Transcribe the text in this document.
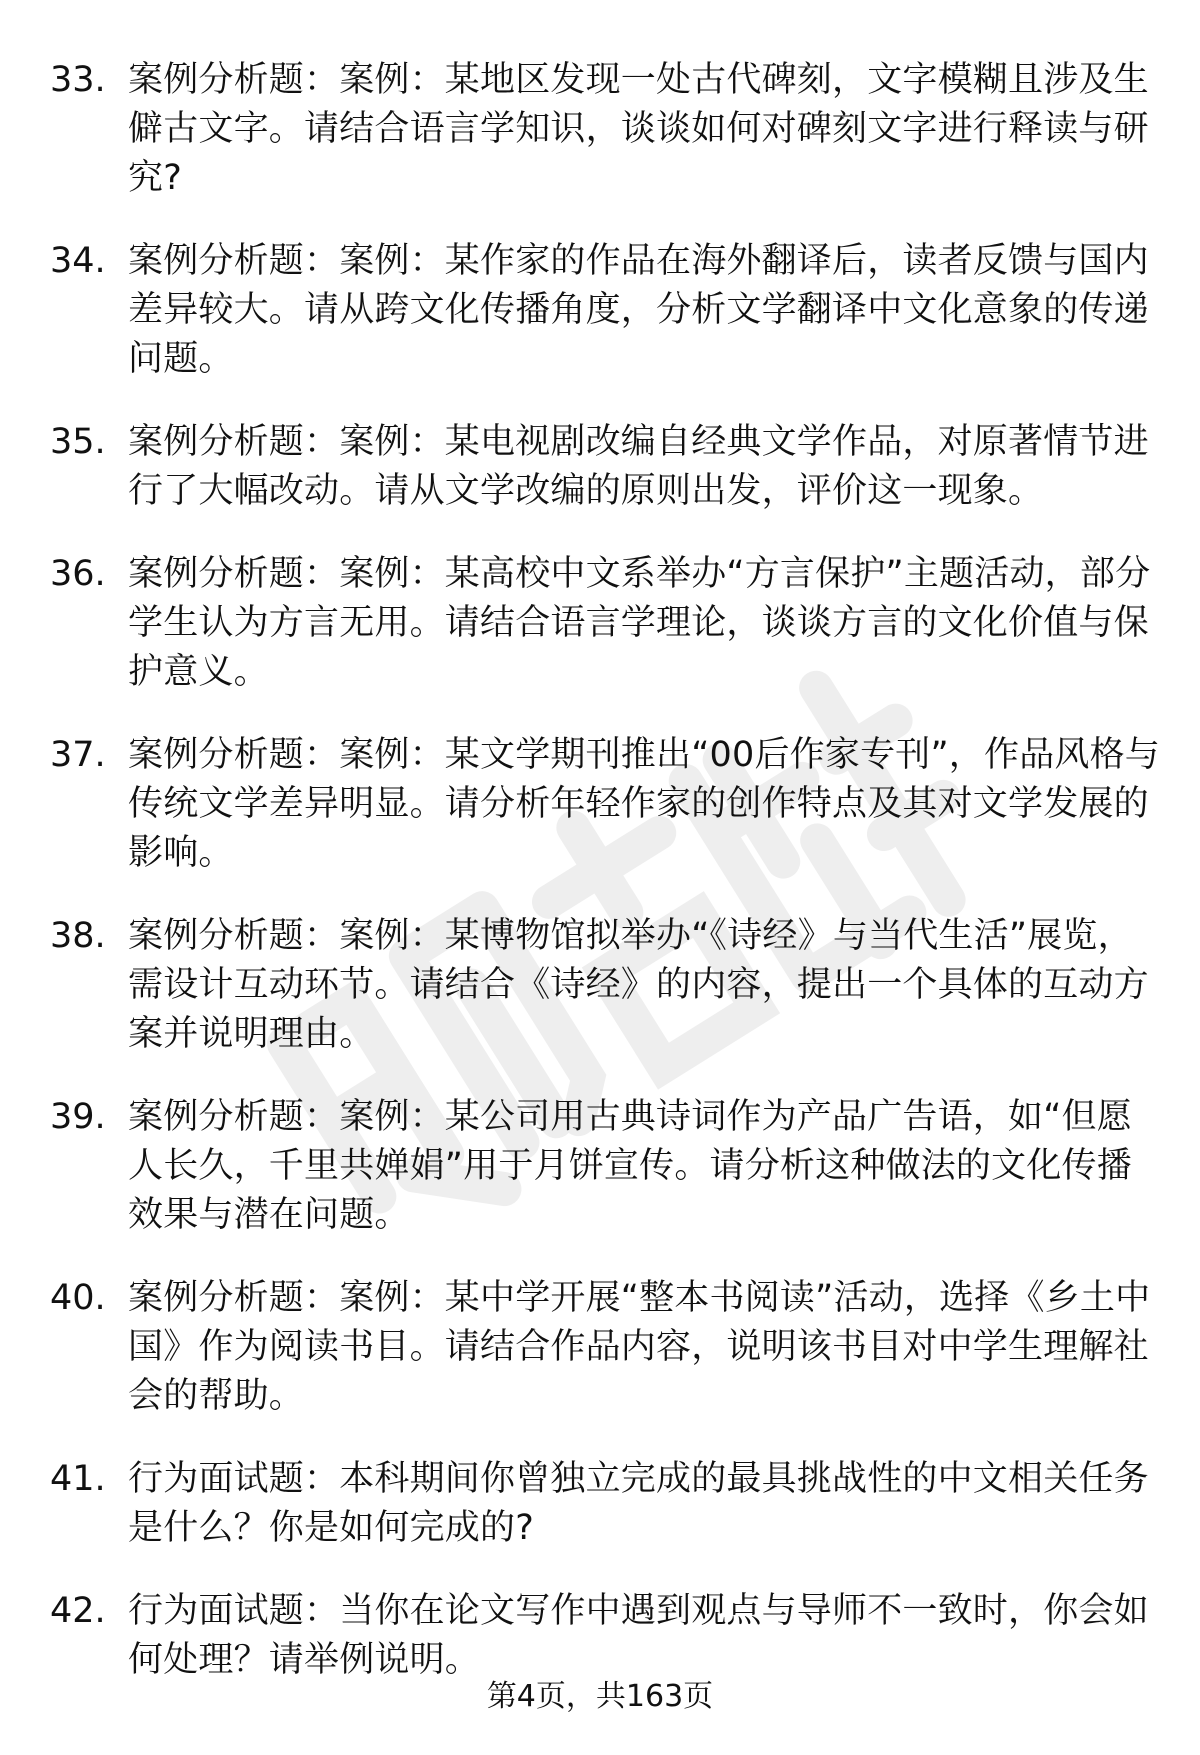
33. 案例分析题：案例：某地区发现一处古代碑刻，文字模糊且涉及生僻古文字。请结合语言学知识，谈谈如何对碑刻文字进行释读与研究?
34. 案例分析题：案例：某作家的作品在海外翻译后，读者反馈与国内差异较大。请从跨文化传播角度，分析文学翻译中文化意象的传递问题。
35. 案例分析题：案例：某电视剧改编自经典文学作品，对原著情节进行了大幅改动。请从文学改编的原则出发，评价这一现象。
36. 案例分析题：案例：某高校中文系举办“方言保护”主题活动，部分学生认为方言无用。请结合语言学理论，谈谈方言的文化价值与保护意义。
37. 案例分析题：案例：某文学期刊推出“00后作家专刊”，作品风格与传统文学差异明显。请分析年轻作家的创作特点及其对文学发展的影响。
38. 案例分析题：案例：某博物馆拟举办“《诗经》与当代生活”展览，需设计互动环节。请结合《诗经》的内容，提出一个具体的互动方案并说明理由。
39. 案例分析题：案例：某公司用古典诗词作为产品广告语，如“但愿人长久，千里共婵娟”用于月饼宣传。请分析这种做法的文化传播效果与潜在问题。
40. 案例分析题：案例：某中学开展“整本书阅读”活动，选择《乡土中国》作为阅读书目。请结合作品内容，说明该书目对中学生理解社会的帮助。
41. 行为面试题：本科期间你曾独立完成的最具挑战性的中文相关任务是什么？你是如何完成的?
42. 行为面试题：当你在论文写作中遇到观点与导师不一致时，你会如何处理？请举例说明。
第4页，共163页
